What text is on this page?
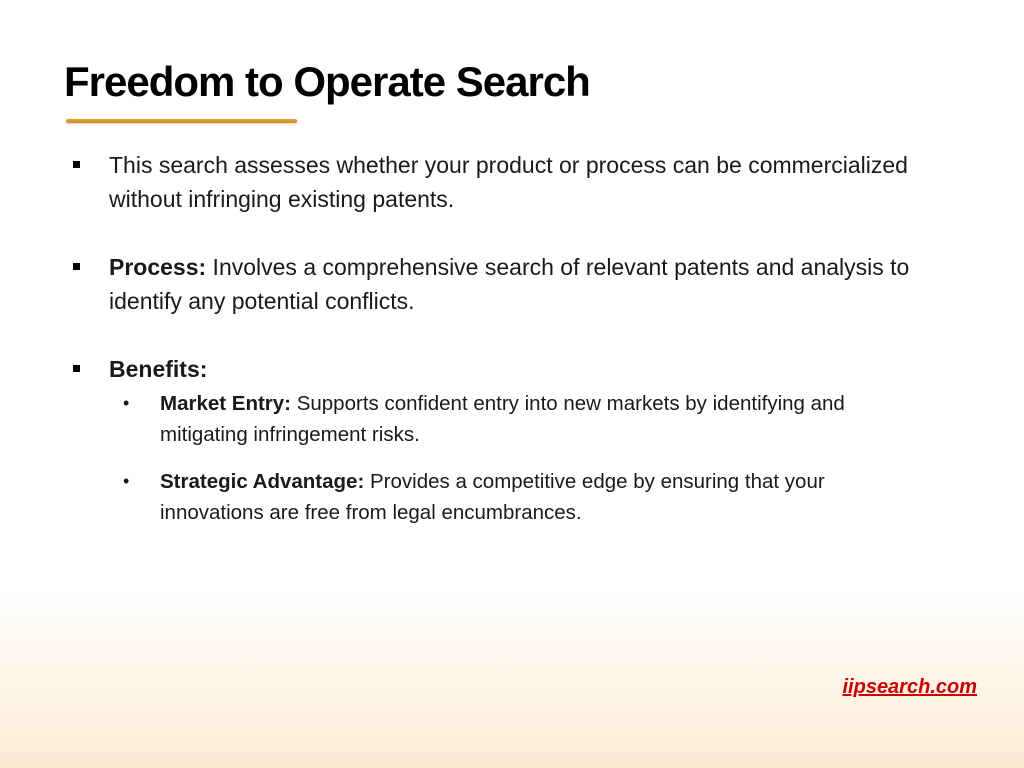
Freedom to Operate Search
This search assesses whether your product or process can be commercialized without infringing existing patents.
Process: Involves a comprehensive search of relevant patents and analysis to identify any potential conflicts.
Benefits:
• Market Entry: Supports confident entry into new markets by identifying and mitigating infringement risks.
• Strategic Advantage: Provides a competitive edge by ensuring that your innovations are free from legal encumbrances.
iipsearch.com
